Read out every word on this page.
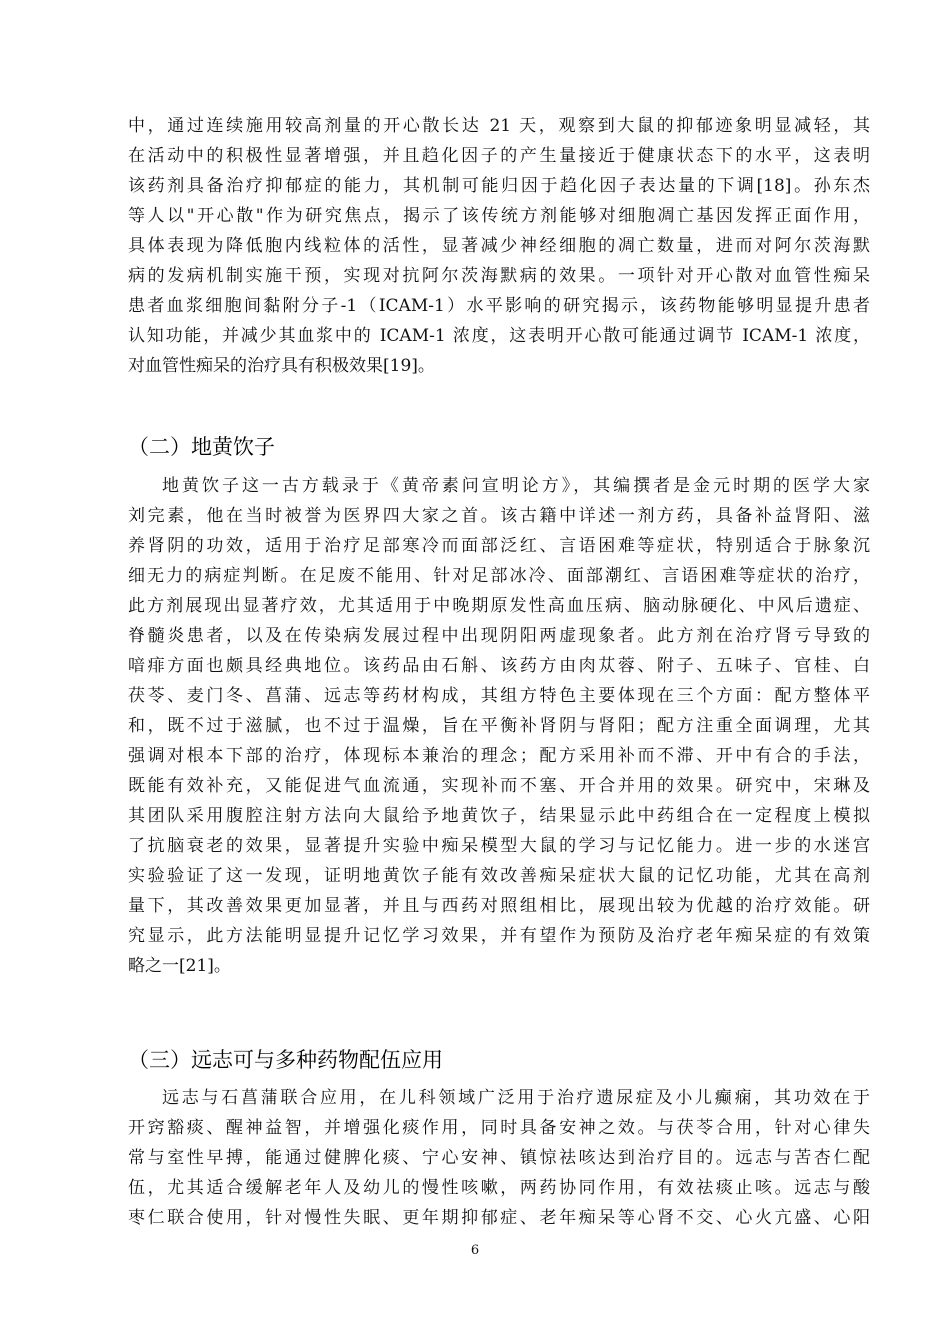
中，通过连续施用较高剂量的开心散长达 21 天，观察到大鼠的抑郁迹象明显减轻，其
在活动中的积极性显著增强，并且趋化因子的产生量接近于健康状态下的水平，这表明
该药剂具备治疗抑郁症的能力，其机制可能归因于趋化因子表达量的下调[18]。孙东杰
等人以"开心散"作为研究焦点，揭示了该传统方剂能够对细胞凋亡基因发挥正面作用，
具体表现为降低胞内线粒体的活性，显著减少神经细胞的凋亡数量，进而对阿尔茨海默
病的发病机制实施干预，实现对抗阿尔茨海默病的效果。一项针对开心散对血管性痴呆
患者血浆细胞间黏附分子-1（ICAM-1）水平影响的研究揭示，该药物能够明显提升患者
认知功能，并减少其血浆中的 ICAM-1 浓度，这表明开心散可能通过调节 ICAM-1 浓度，
对血管性痴呆的治疗具有积极效果[19]。
（二）地黄饮子
地黄饮子这一古方载录于《黄帝素问宣明论方》，其编撰者是金元时期的医学大家
刘完素，他在当时被誉为医界四大家之首。该古籍中详述一剂方药，具备补益肾阳、滋
养肾阴的功效，适用于治疗足部寒冷而面部泛红、言语困难等症状，特别适合于脉象沉
细无力的病症判断。在足废不能用、针对足部冰冷、面部潮红、言语困难等症状的治疗，
此方剂展现出显著疗效，尤其适用于中晚期原发性高血压病、脑动脉硬化、中风后遗症、
脊髓炎患者，以及在传染病发展过程中出现阴阳两虚现象者。此方剂在治疗肾亏导致的
喑痱方面也颇具经典地位。该药品由石斛、该药方由肉苁蓉、附子、五味子、官桂、白
茯苓、麦门冬、菖蒲、远志等药材构成，其组方特色主要体现在三个方面：配方整体平
和，既不过于滋腻，也不过于温燥，旨在平衡补肾阴与肾阳；配方注重全面调理，尤其
强调对根本下部的治疗，体现标本兼治的理念；配方采用补而不滞、开中有合的手法，
既能有效补充，又能促进气血流通，实现补而不塞、开合并用的效果。研究中，宋琳及
其团队采用腹腔注射方法向大鼠给予地黄饮子，结果显示此中药组合在一定程度上模拟
了抗脑衰老的效果，显著提升实验中痴呆模型大鼠的学习与记忆能力。进一步的水迷宫
实验验证了这一发现，证明地黄饮子能有效改善痴呆症状大鼠的记忆功能，尤其在高剂
量下，其改善效果更加显著，并且与西药对照组相比，展现出较为优越的治疗效能。研
究显示，此方法能明显提升记忆学习效果，并有望作为预防及治疗老年痴呆症的有效策
略之一[21]。
（三）远志可与多种药物配伍应用
远志与石菖蒲联合应用，在儿科领域广泛用于治疗遗尿症及小儿癫痫，其功效在于
开窍豁痰、醒神益智，并增强化痰作用，同时具备安神之效。与茯苓合用，针对心律失
常与室性早搏，能通过健脾化痰、宁心安神、镇惊祛咳达到治疗目的。远志与苦杏仁配
伍，尤其适合缓解老年人及幼儿的慢性咳嗽，两药协同作用，有效祛痰止咳。远志与酸
枣仁联合使用，针对慢性失眠、更年期抑郁症、老年痴呆等心肾不交、心火亢盛、心阳
6
